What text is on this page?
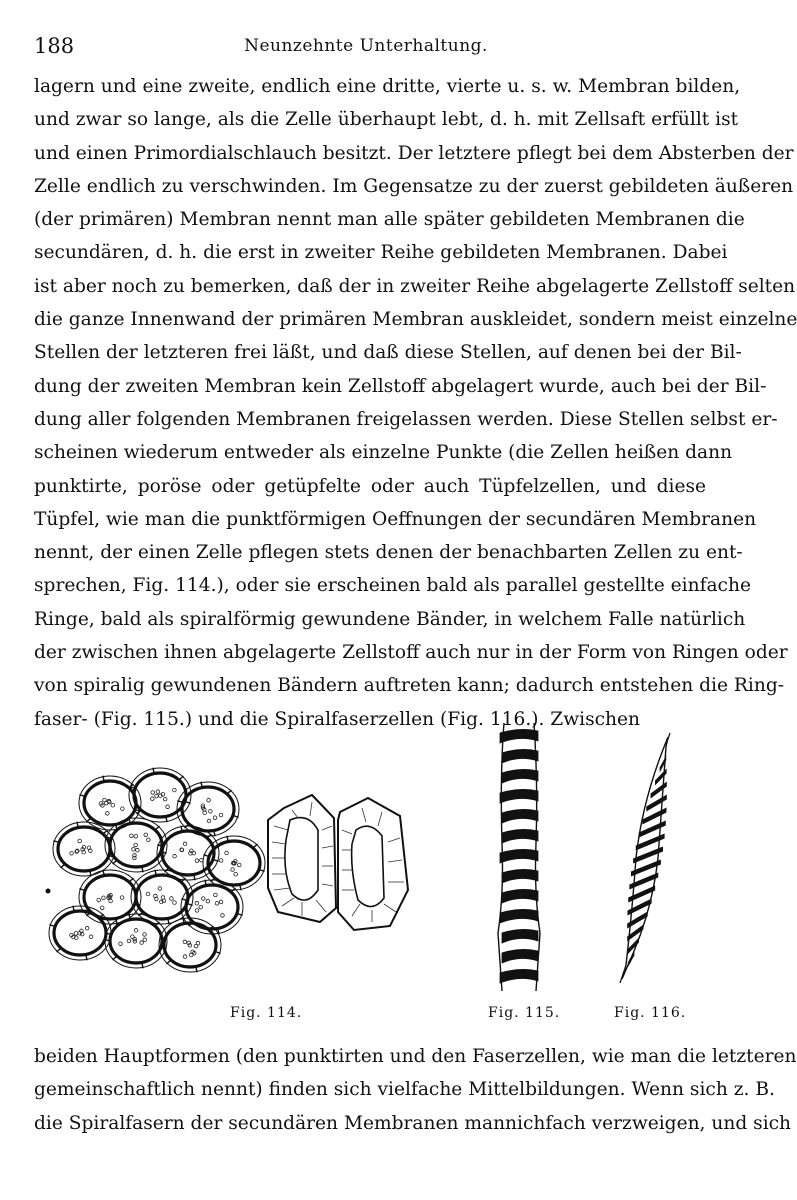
188	Neunzehnte Unterhaltung.
lagern und eine zweite, endlich eine dritte, vierte u. s. w. Membran bilden,
und zwar so lange, als die Zelle überhaupt lebt, d. h. mit Zellsaft erfüllt ist
und einen Primordialschlauch besitzt. Der letztere pflegt bei dem Absterben der
Zelle endlich zu verschwinden. Im Gegensatze zu der zuerst gebildeten äußeren
(der primären) Membran nennt man alle später gebildeten Membranen die
secundären, d. h. die erst in zweiter Reihe gebildeten Membranen. Dabei
ist aber noch zu bemerken, daß der in zweiter Reihe abgelagerte Zellstoff selten
die ganze Innenwand der primären Membran auskleidet, sondern meist einzelne
Stellen der letzteren frei läßt, und daß diese Stellen, auf denen bei der Bil-
dung der zweiten Membran kein Zellstoff abgelagert wurde, auch bei der Bil-
dung aller folgenden Membranen freigelassen werden. Diese Stellen selbst er-
scheinen wiederum entweder als einzelne Punkte (die Zellen heißen dann
punktirte, poröse oder getüpfelte oder auch Tüpfelzellen, und diese
Tüpfel, wie man die punktförmigen Oeffnungen der secundären Membranen
nennt, der einen Zelle pflegen stets denen der benachbarten Zellen zu ent-
sprechen, Fig. 114.), oder sie erscheinen bald als parallel gestellte einfache
Ringe, bald als spiralförmig gewundene Bänder, in welchem Falle natürlich
der zwischen ihnen abgelagerte Zellstoff auch nur in der Form von Ringen oder
von spiralig gewundenen Bändern auftreten kann; dadurch entstehen die Ring-
faser- (Fig. 115.) und die Spiralfaserzellen (Fig. 116.). Zwischen
Fig. 114.	Fig. 115.	Fig. 116.
beiden Hauptformen (den punktirten und den Faserzellen, wie man die letzteren
gemeinschaftlich nennt) finden sich vielfache Mittelbildungen. Wenn sich z. B.
die Spiralfasern der secundären Membranen mannichfach verzweigen, und sich
